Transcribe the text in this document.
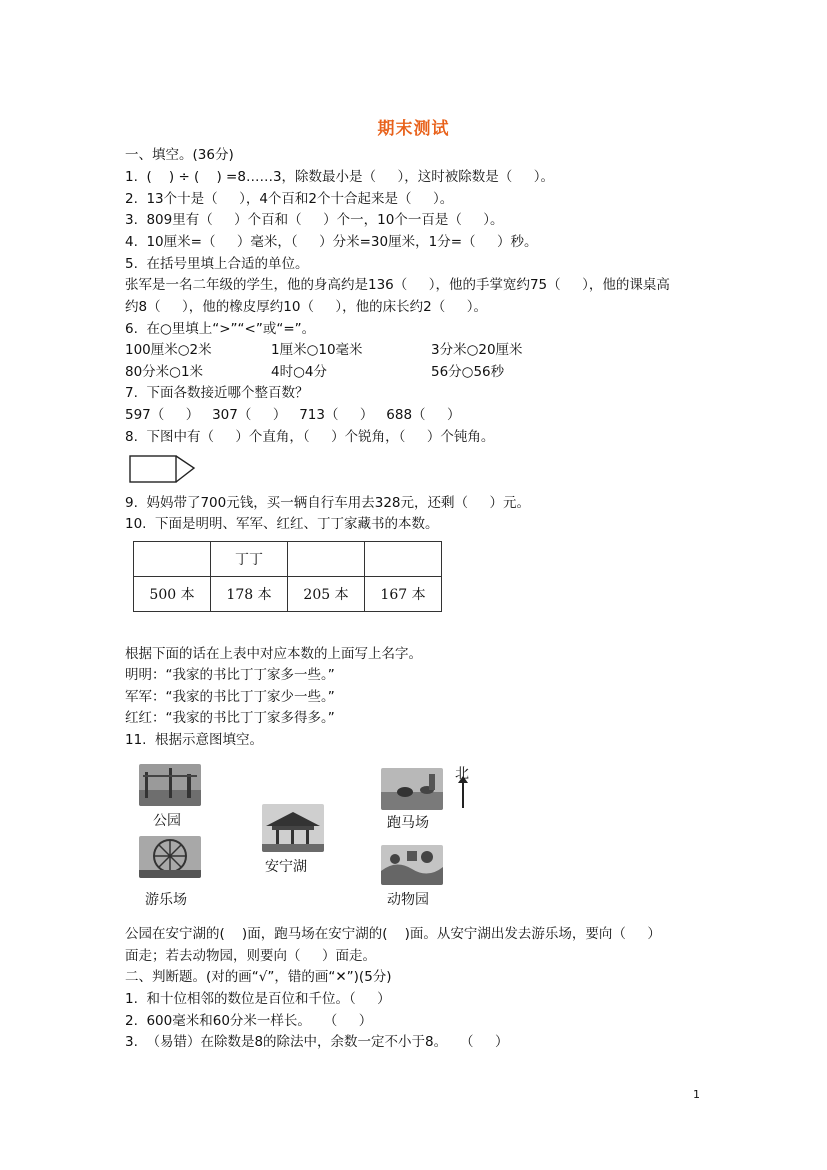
期末测试
一、填空。(36分)
1.  (    ) ÷ (    ) =8……3，除数最小是（     ），这时被除数是（     ）。
2.  13个十是（     ），4个百和2个十合起来是（     ）。
3.  809里有（     ）个百和（     ）个一，10个一百是（     ）。
4.  10厘米=（     ）毫米，（     ）分米=30厘米，1分=（     ）秒。
5.  在括号里填上合适的单位。
张军是一名二年级的学生，他的身高约是136（     ），他的手掌宽约75（     ），他的课桌高
约8（     ），他的橡皮厚约10（     ），他的床长约2（     ）。
6.  在○里填上“>”“<”或“=”。
100厘米○2米	1厘米○10毫米	3分米○20厘米
80分米○1米	4时○4分	56分○56秒
7.  下面各数接近哪个整百数？
597（     ）   307（     ）   713（     ）   688（     ）
8.  下图中有（     ）个直角，（     ）个锐角，（     ）个钝角。
9.  妈妈带了700元钱，买一辆自行车用去328元，还剩（     ）元。
10.  下面是明明、军军、红红、丁丁家藏书的本数。
	丁丁		
500 本	178 本	205 本	167 本
根据下面的话在上表中对应本数的上面写上名字。
明明：“我家的书比丁丁家多一些。”
军军：“我家的书比丁丁家少一些。”
红红：“我家的书比丁丁家多得多。”
11.  根据示意图填空。
公园	跑马场
北
安宁湖
游乐场	动物园
公园在安宁湖的(    )面，跑马场在安宁湖的(    )面。从安宁湖出发去游乐场，要向（     ）
面走；若去动物园，则要向（     ）面走。
二、判断题。(对的画“√”，错的画“✕”)(5分)
1.  和十位相邻的数位是百位和千位。（     ）
2.  600毫米和60分米一样长。   （     ）
3.  （易错）在除数是8的除法中，余数一定不小于8。   （     ）
1
